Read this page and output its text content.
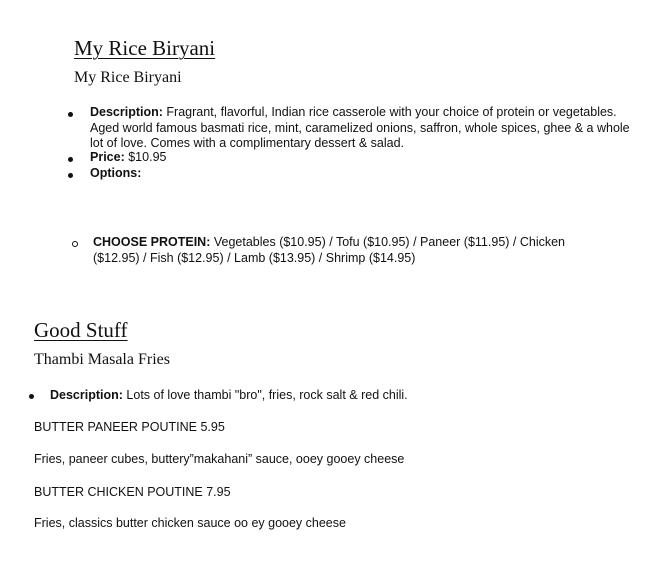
My Rice Biryani
My Rice Biryani
Description: Fragrant, flavorful, Indian rice casserole with your choice of protein or vegetables. Aged world famous basmati rice, mint, caramelized onions, saffron, whole spices, ghee & a whole lot of love. Comes with a complimentary dessert & salad.
Price: $10.95
Options:
CHOOSE PROTEIN: Vegetables ($10.95) / Tofu ($10.95) / Paneer ($11.95) / Chicken ($12.95) / Fish ($12.95) / Lamb ($13.95) / Shrimp ($14.95)
Good Stuff
Thambi Masala Fries
Description: Lots of love thambi "bro", fries, rock salt & red chili.
BUTTER PANEER POUTINE 5.95
Fries, paneer cubes, buttery”makahani” sauce, ooey gooey cheese
BUTTER CHICKEN POUTINE 7.95
Fries, classics butter chicken sauce oo ey gooey cheese
